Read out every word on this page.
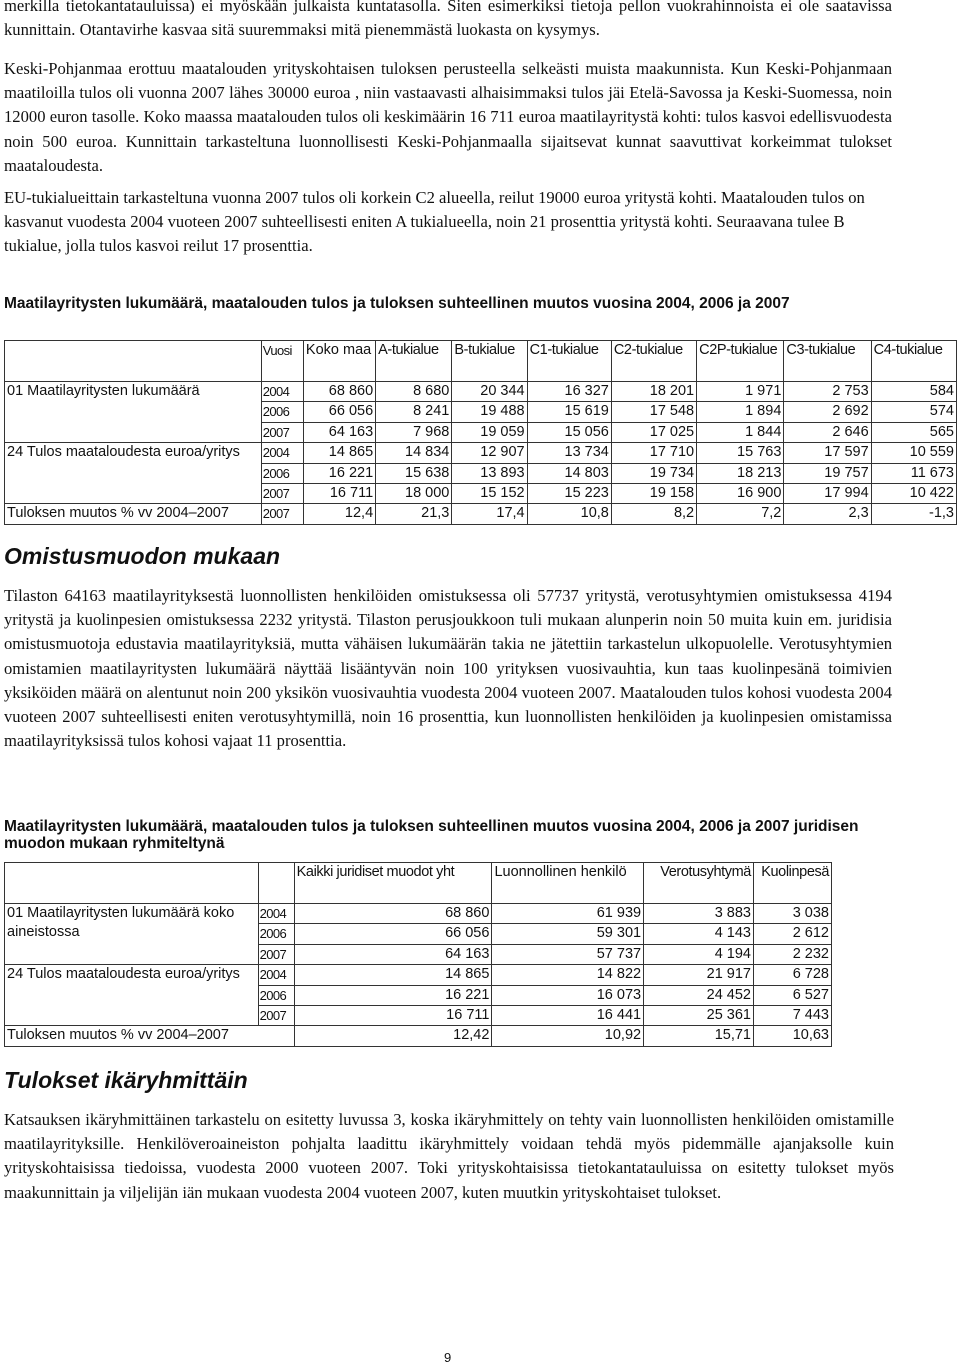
merkilla tietokantatauluissa) ei myöskään julkaista kuntatasolla. Siten esimerkiksi tietoja pellon vuokrahinnoista ei ole saatavissa kunnittain. Otantavirhe kasvaa sitä suuremmaksi mitä pienemmästä luokasta on kysymys.

Keski-Pohjanmaa erottuu maatalouden yrityskohtaisen tuloksen perusteella selkeästi muista maakunnista. Kun Keski-Pohjanmaan maatiloilla tulos oli vuonna 2007 lähes 30000 euroa , niin vastaavasti alhaisimmaksi tulos jäi Etelä-Savossa ja Keski-Suomessa, noin 12000 euron tasolle. Koko maassa maatalouden tulos oli keskimäärin 16 711 euroa maatilayritystä kohti: tulos kasvoi edellisvuodesta noin 500 euroa. Kunnittain tarkasteltuna luonnollisesti Keski-Pohjanmaalla sijaitsevat kunnat saavuttivat korkeimmat tulokset maataloudesta.

EU-tukialueittain tarkasteltuna vuonna 2007 tulos oli korkein C2 alueella, reilut 19000 euroa yritystä kohti. Maatalouden tulos on kasvanut vuodesta 2004 vuoteen 2007 suhteellisesti eniten A tukialueella, noin 21 prosenttia yritystä kohti. Seuraavana tulee B tukialue, jolla tulos kasvoi reilut 17 prosenttia.

Maatilayritysten lukumäärä, maatalouden tulos ja tuloksen suhteellinen muutos vuosina 2004, 2006 ja 2007
	Vuosi	Koko maa	A-tukialue	B-tukialue	C1-tukialue	C2-tukialue	C2P-tukialue	C3-tukialue	C4-tukialue
01 Maatilayritysten lukumäärä	2004	68 860	8 680	20 344	16 327	18 201	1 971	2 753	584
	2006	66 056	8 241	19 488	15 619	17 548	1 894	2 692	574
	2007	64 163	7 968	19 059	15 056	17 025	1 844	2 646	565
24 Tulos maataloudesta euroa/yritys	2004	14 865	14 834	12 907	13 734	17 710	15 763	17 597	10 559
	2006	16 221	15 638	13 893	14 803	19 734	18 213	19 757	11 673
	2007	16 711	18 000	15 152	15 223	19 158	16 900	17 994	10 422
Tuloksen muutos % vv 2004–2007	2007	12,4	21,3	17,4	10,8	8,2	7,2	2,3	-1,3
Omistusmuodon mukaan

Tilaston 64163 maatilayrityksestä luonnollisten henkilöiden omistuksessa oli 57737 yritystä, verotusyhtymien omistuksessa 4194 yritystä ja kuolinpesien omistuksessa 2232 yritystä. Tilaston perusjoukkoon tuli mukaan alunperin noin 50 muita kuin em. juridisia omistusmuotoja edustavia maatilayrityksiä, mutta vähäisen lukumäärän takia ne jätettiin tarkastelun ulkopuolelle. Verotusyhtymien omistamien maatilayritysten lukumäärä näyttää lisääntyvän noin 100 yrityksen vuosivauhtia, kun taas kuolinpesänä toimivien yksiköiden määrä on alentunut noin 200 yksikön vuosivauhtia vuodesta 2004 vuoteen 2007. Maatalouden tulos kohosi vuodesta 2004 vuoteen 2007 suhteellisesti eniten verotusyhtymillä, noin 16 prosenttia, kun luonnollisten henkilöiden ja kuolinpesien omistamissa maatilayrityksissä tulos kohosi vajaat 11 prosenttia.

Maatilayritysten lukumäärä, maatalouden tulos ja tuloksen suhteellinen muutos vuosina 2004, 2006 ja 2007 juridisen muodon mukaan ryhmiteltynä
		Kaikki juridiset muodot yht	Luonnollinen henkilö	Verotusyhtymä	Kuolinpesä
01 Maatilayritysten lukumäärä koko aineistossa	2004	68 860	61 939	3 883	3 038
	2006	66 056	59 301	4 143	2 612
	2007	64 163	57 737	4 194	2 232
24 Tulos maataloudesta euroa/yritys	2004	14 865	14 822	21 917	6 728
	2006	16 221	16 073	24 452	6 527
	2007	16 711	16 441	25 361	7 443
Tuloksen muutos % vv 2004–2007		12,42	10,92	15,71	10,63
Tulokset ikäryhmittäin

Katsauksen ikäryhmittäinen tarkastelu on esitetty luvussa 3, koska ikäryhmittely on tehty vain luonnollisten henkilöiden omistamille maatilayrityksille. Henkilöveroaineiston pohjalta laadittu ikäryhmittely voidaan tehdä myös pidemmälle ajanjaksolle kuin yrityskohtaisissa tiedoissa, vuodesta 2000 vuoteen 2007. Toki yrityskohtaisissa tietokantatauluissa on esitetty tulokset myös maakunnittain ja viljelijän iän mukaan vuodesta 2004 vuoteen 2007, kuten muutkin yrityskohtaiset tulokset.

9
